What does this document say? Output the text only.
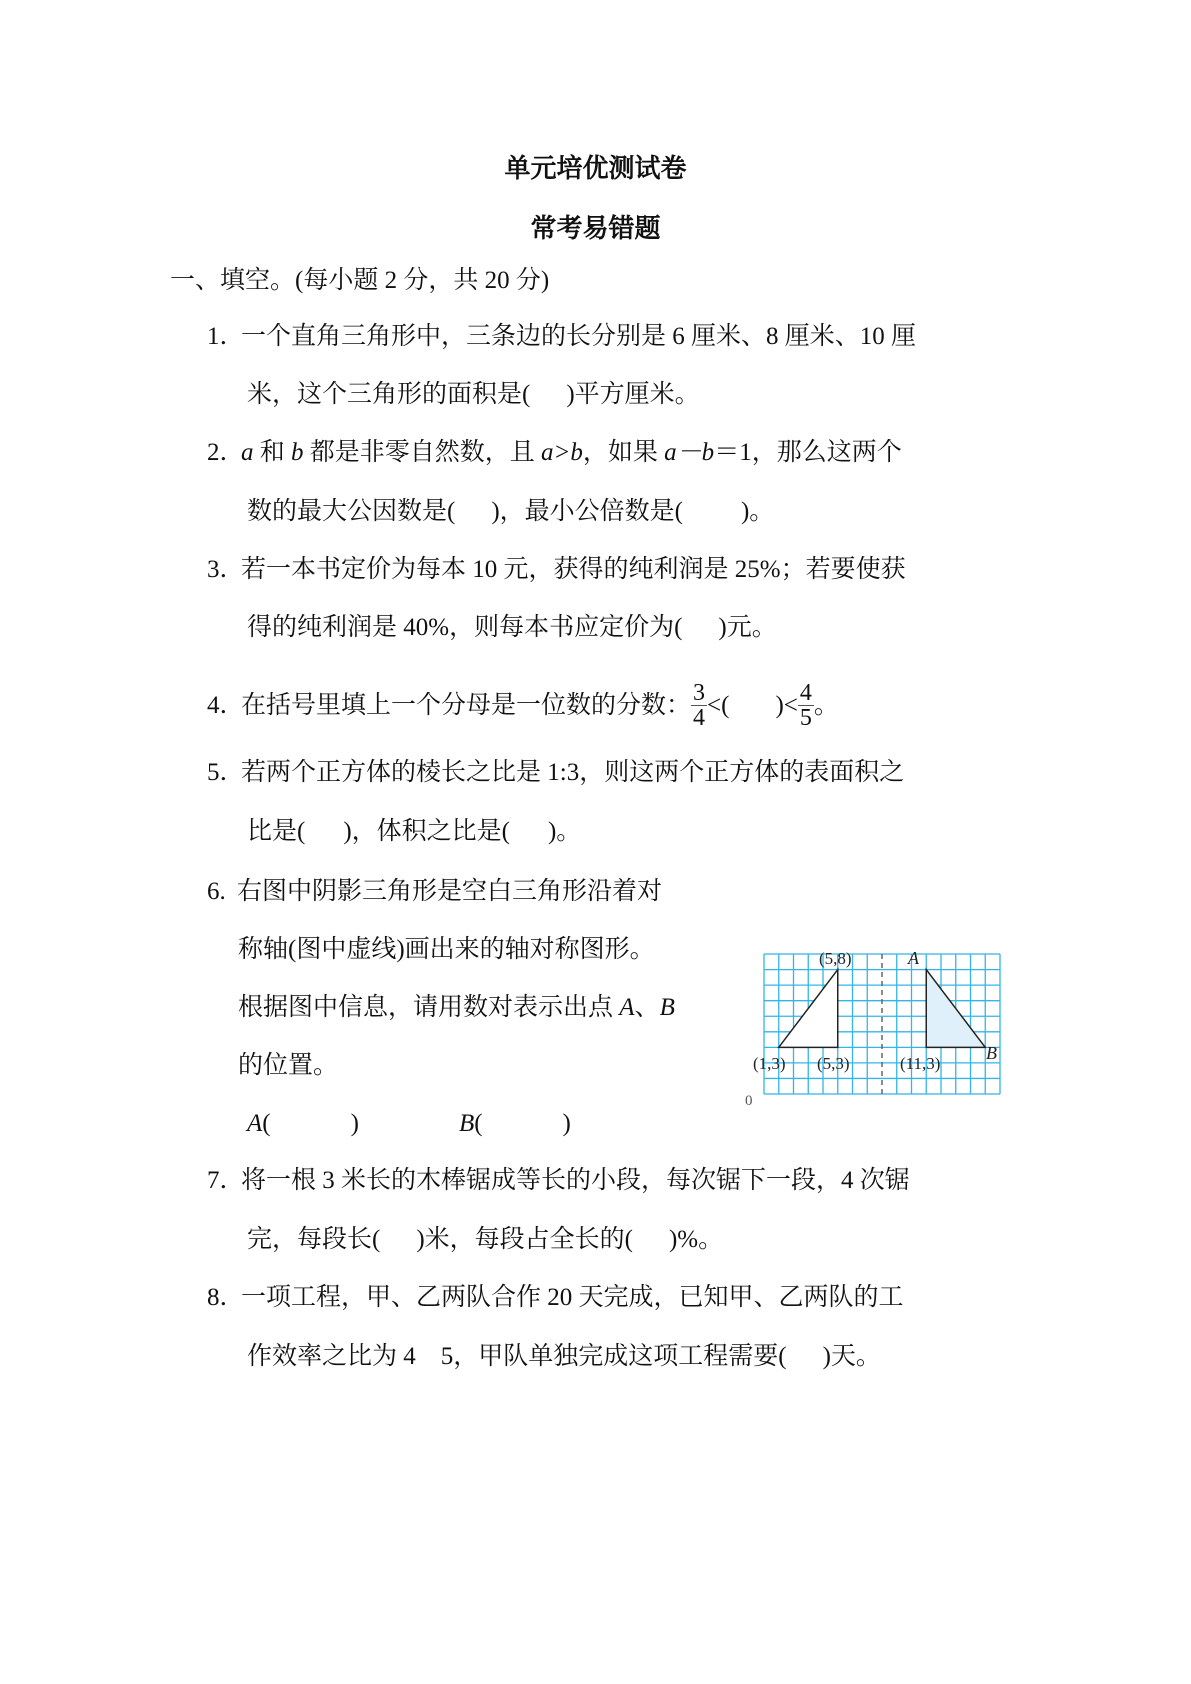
单元培优测试卷
常考易错题
一、填空。(每小题 2 分，共 20 分)
1．一个直角三角形中，三条边的长分别是 6 厘米、8 厘米、10 厘
米，这个三角形的面积是( )平方厘米。
2．a 和 b 都是非零自然数，且 a>b，如果 a－b＝1，那么这两个
数的最大公因数是( )，最小公倍数是( )。
3．若一本书定价为每本 10 元，获得的纯利润是 25%；若要使获
得的纯利润是 40%，则每本书应定价为( )元。
4．在括号里填上一个分母是一位数的分数： $\frac{3}{4}$ <( )< $\frac{4}{5}$ 。
5．若两个正方体的棱长之比是 1:3，则这两个正方体的表面积之
比是( )，体积之比是( )。
6. 右图中阴影三角形是空白三角形沿着对
称轴(图中虚线)画出来的轴对称图形。
根据图中信息，请用数对表示出点 A、B
的位置。
A(	)	B(	)
(5,8)
(1,3) (5,3)	(11,3)
A
B
0
7．将一根 3 米长的木棒锯成等长的小段，每次锯下一段，4 次锯
完，每段长( )米，每段占全长的( )%。
8．一项工程，甲、乙两队合作 20 天完成，已知甲、乙两队的工
作效率之比为 4　5，甲队单独完成这项工程需要( )天。
